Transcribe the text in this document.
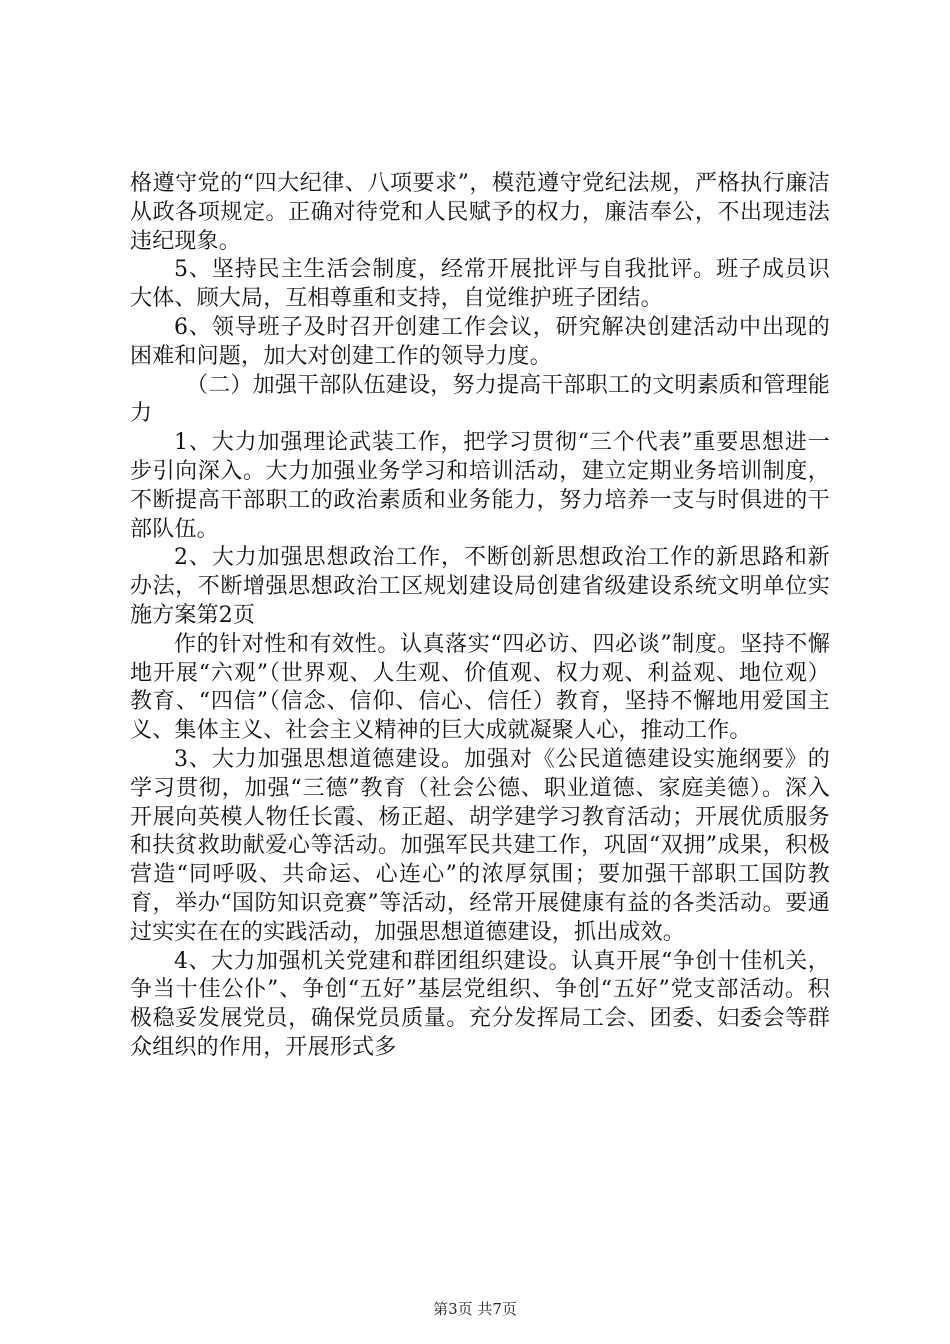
格遵守党的“四大纪律、八项要求”，模范遵守党纪法规，严格执行廉洁从政各项规定。正确对待党和人民赋予的权力，廉洁奉公，不出现违法违纪现象。

5、坚持民主生活会制度，经常开展批评与自我批评。班子成员识大体、顾大局，互相尊重和支持，自觉维护班子团结。

6、领导班子及时召开创建工作会议，研究解决创建活动中出现的困难和问题，加大对创建工作的领导力度。

（二）加强干部队伍建设，努力提高干部职工的文明素质和管理能力

1、大力加强理论武装工作，把学习贯彻“三个代表”重要思想进一步引向深入。大力加强业务学习和培训活动，建立定期业务培训制度，不断提高干部职工的政治素质和业务能力，努力培养一支与时俱进的干部队伍。

2、大力加强思想政治工作，不断创新思想政治工作的新思路和新办法，不断增强思想政治工区规划建设局创建省级建设系统文明单位实施方案第2页

作的针对性和有效性。认真落实“四必访、四必谈”制度。坚持不懈地开展“六观”（世界观、人生观、价值观、权力观、利益观、地位观）教育、“四信”（信念、信仰、信心、信任）教育，坚持不懈地用爱国主义、集体主义、社会主义精神的巨大成就凝聚人心，推动工作。

3、大力加强思想道德建设。加强对《公民道德建设实施纲要》的学习贯彻，加强“三德”教育（社会公德、职业道德、家庭美德）。深入开展向英模人物任长霞、杨正超、胡学建学习教育活动；开展优质服务和扶贫救助献爱心等活动。加强军民共建工作，巩固“双拥”成果，积极营造“同呼吸、共命运、心连心”的浓厚氛围；要加强干部职工国防教育，举办“国防知识竞赛”等活动，经常开展健康有益的各类活动。要通过实实在在的实践活动，加强思想道德建设，抓出成效。

4、大力加强机关党建和群团组织建设。认真开展“争创十佳机关，争当十佳公仆”、争创“五好”基层党组织、争创“五好”党支部活动。积极稳妥发展党员，确保党员质量。充分发挥局工会、团委、妇委会等群众组织的作用，开展形式多

第3页 共7页
